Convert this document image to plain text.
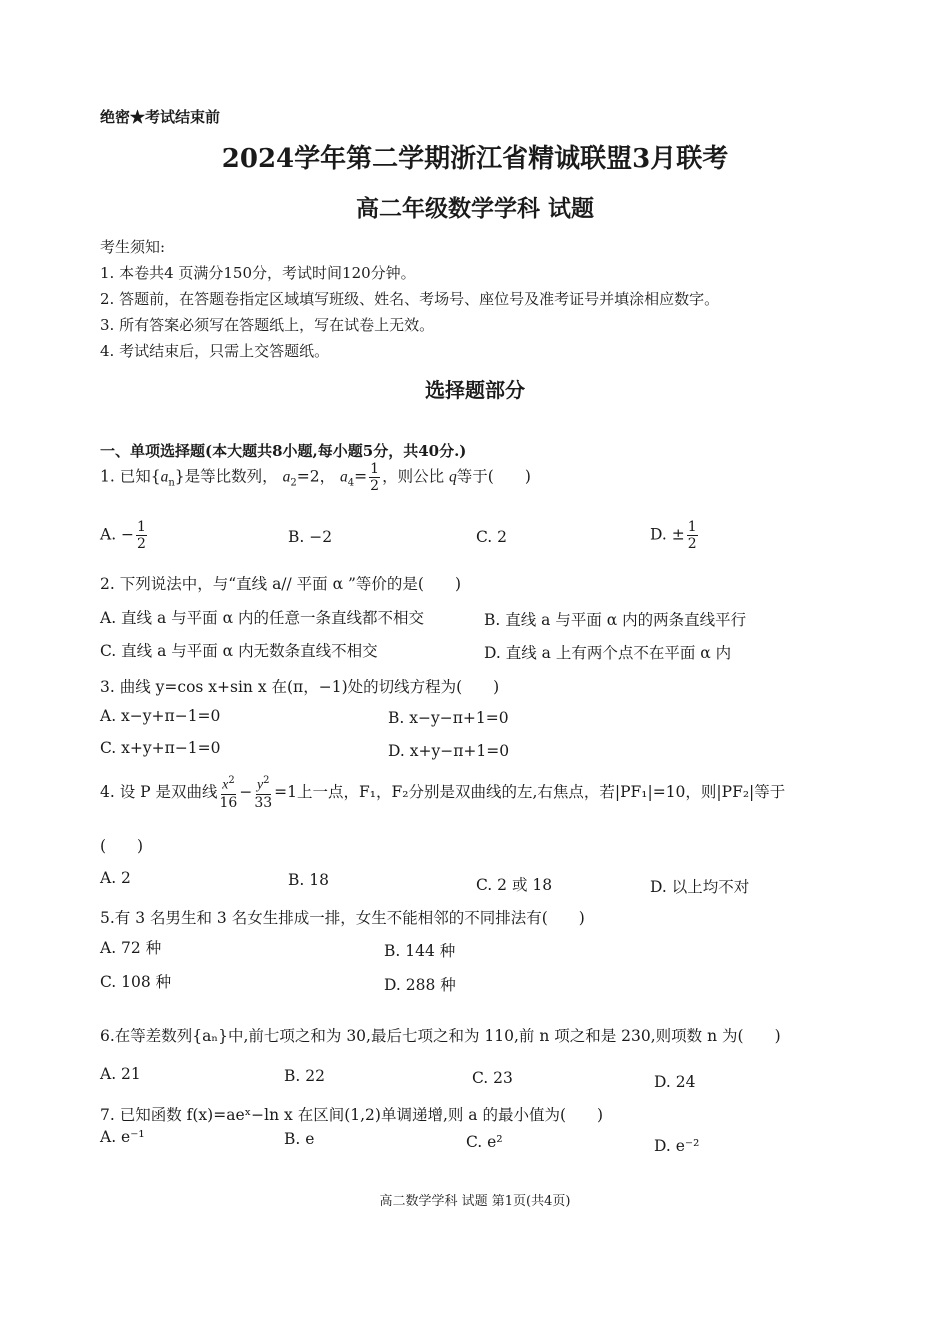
绝密★考试结束前
2024学年第二学期浙江省精诚联盟3月联考
高二年级数学学科 试题
考生须知:
1. 本卷共4 页满分150分，考试时间120分钟。
2. 答题前，在答题卷指定区域填写班级、姓名、考场号、座位号及准考证号并填涂相应数字。
3. 所有答案必须写在答题纸上，写在试卷上无效。
4. 考试结束后，只需上交答题纸。
选择题部分
一、单项选择题(本大题共8小题,每小题5分，共40分.)
1. 已知$\{a_n\}$是等比数列， $a_2=2$， $a_4= \frac{1}{2}$ ，则公比 q等于(　　)
A. − $\frac{1}{2}$	B. −2	C. 2	D. ± $\frac{1}{2}$
2. 下列说法中，与“直线 a// 平面 α ”等价的是(　　)
A. 直线 a 与平面 α 内的任意一条直线都不相交	B. 直线 a 与平面 α 内的两条直线平行
C. 直线 a 与平面 α 内无数条直线不相交	D. 直线 a 上有两个点不在平面 α 内
3. 曲线 y=cos x+sin x 在(π，−1)处的切线方程为(　　)
A. x−y+π−1=0	B. x−y−π+1=0
C. x+y+π−1=0	D. x+y−π+1=0
4. 设 P 是双曲线 $\frac{x^2}{16} - \frac{y^2}{33} =1$上一点，F₁，F₂分别是双曲线的左,右焦点，若|PF₁|=10，则|PF₂|等于
(　　)
A. 2	B. 18	C. 2 或 18	D. 以上均不对
5.有 3 名男生和 3 名女生排成一排，女生不能相邻的不同排法有(　　)
A. 72 种	B. 144 种
C. 108 种	D. 288 种
6.在等差数列{aₙ}中,前七项之和为 30,最后七项之和为 110,前 n 项之和是 230,则项数 n 为(　　)
A. 21	B. 22	C. 23	D. 24
7. 已知函数 f(x)=aeˣ−ln x 在区间(1,2)单调递增,则 a 的最小值为(　　)
A. e⁻¹	B. e	C. e²	D. e⁻²
高二数学学科 试题 第1页(共4页)
